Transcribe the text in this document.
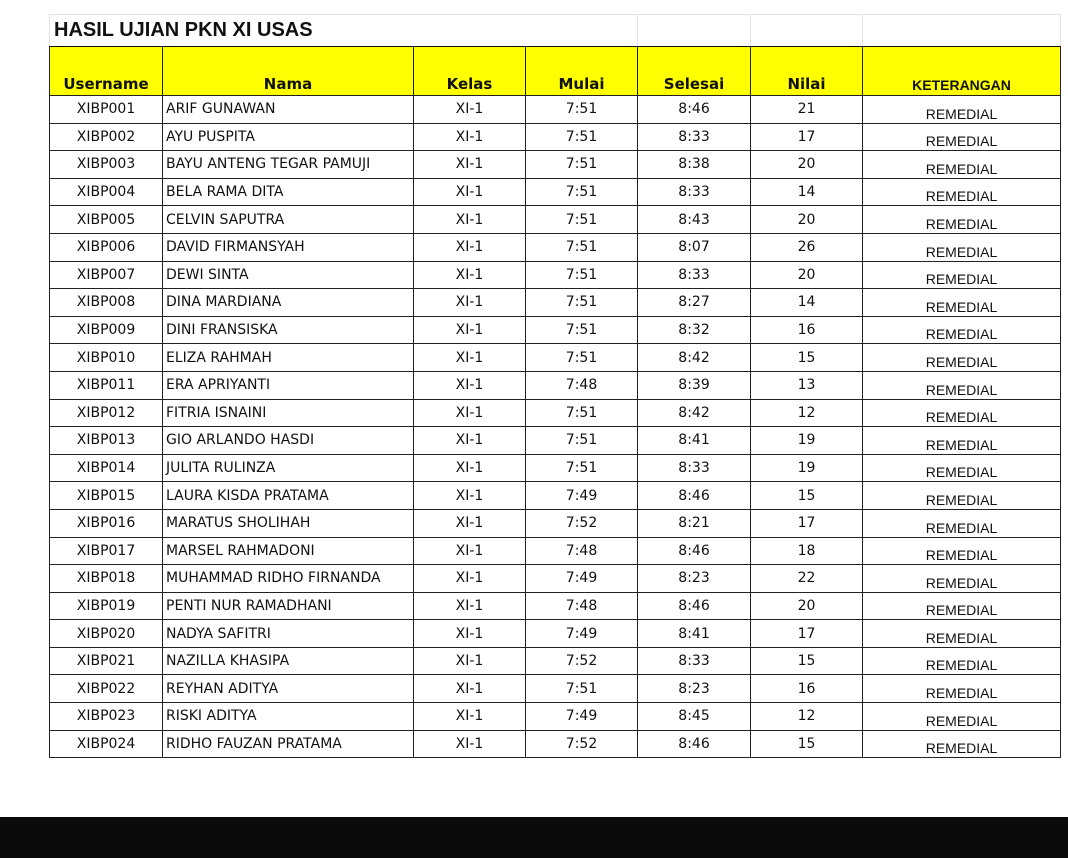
HASIL UJIAN PKN XI USAS						
Username	Nama	Kelas	Mulai	Selesai	Nilai	KETERANGAN
XIBP001	ARIF GUNAWAN	XI-1	7:51	8:46	21	REMEDIAL
XIBP002	AYU PUSPITA	XI-1	7:51	8:33	17	REMEDIAL
XIBP003	BAYU ANTENG TEGAR PAMUJI	XI-1	7:51	8:38	20	REMEDIAL
XIBP004	BELA RAMA DITA	XI-1	7:51	8:33	14	REMEDIAL
XIBP005	CELVIN SAPUTRA	XI-1	7:51	8:43	20	REMEDIAL
XIBP006	DAVID FIRMANSYAH	XI-1	7:51	8:07	26	REMEDIAL
XIBP007	DEWI SINTA	XI-1	7:51	8:33	20	REMEDIAL
XIBP008	DINA MARDIANA	XI-1	7:51	8:27	14	REMEDIAL
XIBP009	DINI FRANSISKA	XI-1	7:51	8:32	16	REMEDIAL
XIBP010	ELIZA RAHMAH	XI-1	7:51	8:42	15	REMEDIAL
XIBP011	ERA APRIYANTI	XI-1	7:48	8:39	13	REMEDIAL
XIBP012	FITRIA ISNAINI	XI-1	7:51	8:42	12	REMEDIAL
XIBP013	GIO ARLANDO HASDI	XI-1	7:51	8:41	19	REMEDIAL
XIBP014	JULITA RULINZA	XI-1	7:51	8:33	19	REMEDIAL
XIBP015	LAURA KISDA PRATAMA	XI-1	7:49	8:46	15	REMEDIAL
XIBP016	MARATUS SHOLIHAH	XI-1	7:52	8:21	17	REMEDIAL
XIBP017	MARSEL RAHMADONI	XI-1	7:48	8:46	18	REMEDIAL
XIBP018	MUHAMMAD RIDHO FIRNANDA	XI-1	7:49	8:23	22	REMEDIAL
XIBP019	PENTI NUR RAMADHANI	XI-1	7:48	8:46	20	REMEDIAL
XIBP020	NADYA SAFITRI	XI-1	7:49	8:41	17	REMEDIAL
XIBP021	NAZILLA KHASIPA	XI-1	7:52	8:33	15	REMEDIAL
XIBP022	REYHAN ADITYA	XI-1	7:51	8:23	16	REMEDIAL
XIBP023	RISKI ADITYA	XI-1	7:49	8:45	12	REMEDIAL
XIBP024	RIDHO FAUZAN PRATAMA	XI-1	7:52	8:46	15	REMEDIAL
